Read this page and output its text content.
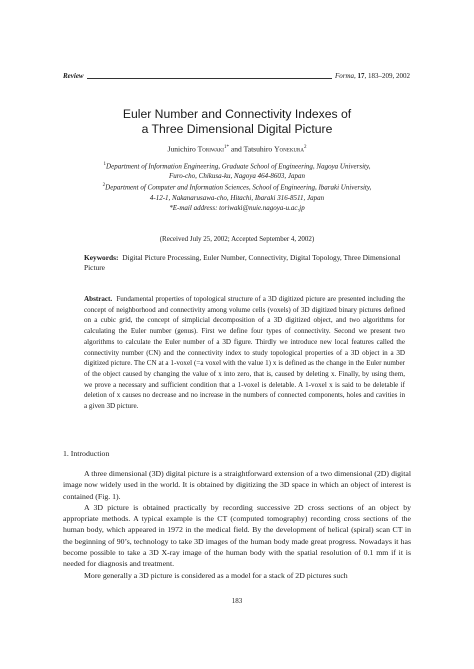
Review	Forma, 17, 183–209, 2002
Euler Number and Connectivity Indexes of
a Three Dimensional Digital Picture
Junichiro Toriwaki$^{1*}$ and Tatsuhiro Yonekura$^2$
$^1$Department of Information Engineering, Graduate School of Engineering, Nagoya University,
Furo-cho, Chikusa-ku, Nagoya 464-8603, Japan
$^2$Department of Computer and Information Sciences, School of Engineering, Ibaraki University,
4-12-1, Nakanarusawa-cho, Hitachi, Ibaraki 316-8511, Japan
*E-mail address: toriwaki@nuie.nagoya-u.ac.jp
(Received July 25, 2002; Accepted September 4, 2002)
Keywords: Digital Picture Processing, Euler Number, Connectivity, Digital Topology, Three Dimensional Picture
Abstract. Fundamental properties of topological structure of a 3D digitized picture are presented including the concept of neighborhood and connectivity among volume cells (voxels) of 3D digitized binary pictures defined on a cubic grid, the concept of simplicial decomposition of a 3D digitized object, and two algorithms for calculating the Euler number (genus). First we define four types of connectivity. Second we present two algorithms to calculate the Euler number of a 3D figure. Thirdly we introduce new local features called the connectivity number (CN) and the connectivity index to study topological properties of a 3D object in a 3D digitized picture. The CN at a 1-voxel (=a voxel with the value 1) x is defined as the change in the Euler number of the object caused by changing the value of x into zero, that is, caused by deleting x. Finally, by using them, we prove a necessary and sufficient condition that a 1-voxel is deletable. A 1-voxel x is said to be deletable if deletion of x causes no decrease and no increase in the numbers of connected components, holes and cavities in a given 3D picture.
1. Introduction

A three dimensional (3D) digital picture is a straightforward extension of a two dimensional (2D) digital image now widely used in the world. It is obtained by digitizing the 3D space in which an object of interest is contained (Fig. 1).

A 3D picture is obtained practically by recording successive 2D cross sections of an object by appropriate methods. A typical example is the CT (computed tomography) recording cross sections of the human body, which appeared in 1972 in the medical field. By the development of helical (spiral) scan CT in the beginning of 90’s, technology to take 3D images of the human body made great progress. Nowadays it has become possible to take a 3D X-ray image of the human body with the spatial resolution of 0.1 mm if it is needed for diagnosis and treatment.

More generally a 3D picture is considered as a model for a stack of 2D pictures such

183
